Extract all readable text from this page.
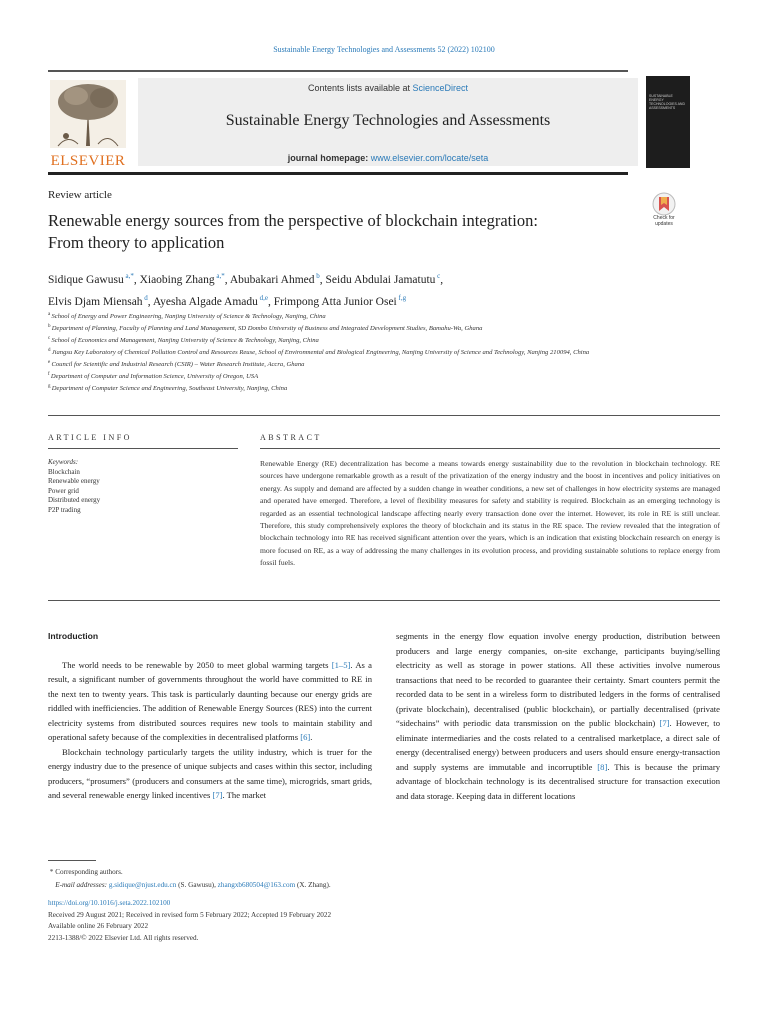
Sustainable Energy Technologies and Assessments 52 (2022) 102100
ELSEVIER
Contents lists available at ScienceDirect
Sustainable Energy Technologies and Assessments
journal homepage: www.elsevier.com/locate/seta
SUSTAINABLE ENERGY TECHNOLOGIES AND ASSESSMENTS
Review article
Renewable energy sources from the perspective of blockchain integration:
From theory to application
Check for updates
Sidique Gawusu $^{a,*}$, Xiaobing Zhang $^{a,*}$, Abubakari Ahmed $^b$, Seidu Abdulai Jamatutu $^c$,
Elvis Djam Miensah $^d$, Ayesha Algade Amadu $^{d,e}$, Frimpong Atta Junior Osei $^{f,g}$
$^a$ School of Energy and Power Engineering, Nanjing University of Science & Technology, Nanjing, China
$^b$ Department of Planning, Faculty of Planning and Land Management, SD Dombo University of Business and Integrated Development Studies, Bamahu-Wa, Ghana
$^c$ School of Economics and Management, Nanjing University of Science & Technology, Nanjing, China
$^d$ Jiangsu Key Laboratory of Chemical Pollution Control and Resources Reuse, School of Environmental and Biological Engineering, Nanjing University of Science and Technology, Nanjing 210094, China
$^e$ Council for Scientific and Industrial Research (CSIR) – Water Research Institute, Accra, Ghana
$^f$ Department of Computer and Information Science, University of Oregon, USA
$^g$ Department of Computer Science and Engineering, Southeast University, Nanjing, China
ARTICLE INFO	ABSTRACT
Keywords:
Blockchain
Renewable energy
Power grid
Distributed energy
P2P trading
Renewable Energy (RE) decentralization has become a means towards energy sustainability due to the revolution in blockchain technology. RE sources have undergone remarkable growth as a result of the privatization of the energy industry and the boost in incentives and policy initiatives on energy. As supply and demand are affected by a sudden change in weather conditions, a new set of challenges in how electricity systems are managed and operated have emerged. Therefore, a level of flexibility measures for safety and stability is required. Blockchain as an emerging technology is regarded as an essential technological landscape affecting nearly every transaction done over the internet. However, its role in RE is still unclear. Therefore, this study comprehensively explores the theory of blockchain and its status in the RE space. The review revealed that the integration of blockchain technology into RE has received significant attention over the years, which is an indication that existing blockchain research on energy is more focused on RE, as a way of addressing the many challenges in its evolution process, and providing sustainable solutions to replace energy from fossil fuels.
Introduction

The world needs to be renewable by 2050 to meet global warming targets [1–5]. As a result, a significant number of governments throughout the world have committed to RE in the next ten to twenty years. This task is particularly daunting because our energy grids are riddled with inefficiencies. The addition of Renewable Energy Sources (RES) into the current electricity systems from distributed sources requires new tools to maintain stability and operational safety because of the complexities in decentralised platforms [6].

Blockchain technology particularly targets the utility industry, which is truer for the energy industry due to the presence of unique subjects and cases within this sector, including producers, “prosumers” (producers and consumers at the same time), microgrids, smart grids, and several renewable energy linked incentives [7]. The market

segments in the energy flow equation involve energy production, distribution between producers and large energy companies, on-site exchange, participants buying/selling electricity as well as storage in power stations. All these activities involve numerous transactions that need to be recorded to guarantee their certainty. Smart counters permit the recorded data to be sent in a wireless form to distributed ledgers in the forms of centralised (private blockchain), decentralised (public blockchain), or partially decentralised (private “sidechains” with periodic data transmission on the public blockchain) [7]. However, to eliminate intermediaries and the costs related to a centralised marketplace, a direct sale of energy (decentralised energy) between producers and users should ensure energy-transaction and supply systems are immutable and incorruptible [8]. This is because the primary advantage of blockchain technology is its decentralised structure for transaction execution and data storage. Keeping data in different locations

* Corresponding authors.
E-mail addresses: g.sidique@njust.edu.cn (S. Gawusu), zhangxb680504@163.com (X. Zhang).
https://doi.org/10.1016/j.seta.2022.102100
Received 29 August 2021; Received in revised form 5 February 2022; Accepted 19 February 2022
Available online 26 February 2022
2213-1388/© 2022 Elsevier Ltd. All rights reserved.
